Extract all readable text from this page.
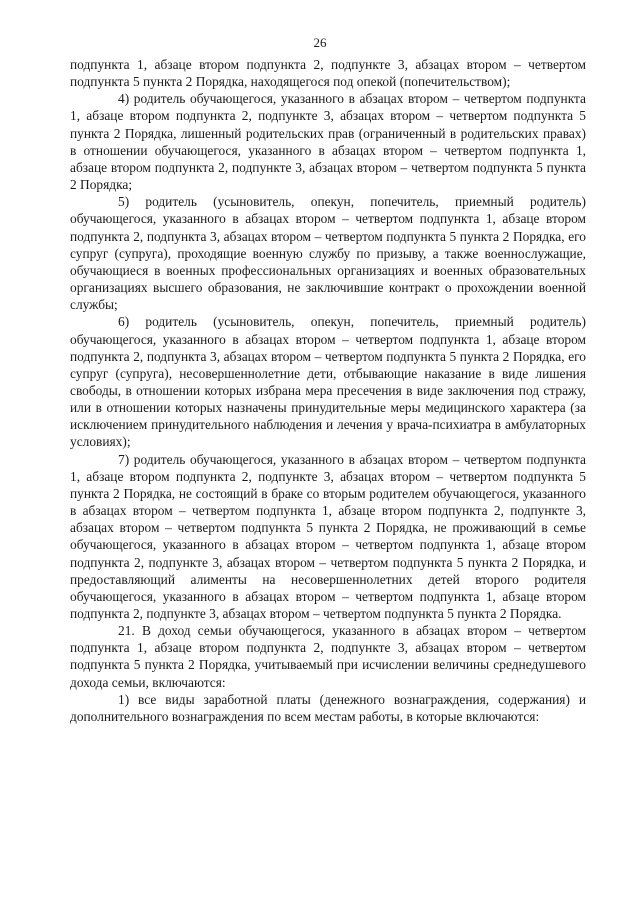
26

подпункта 1, абзаце втором подпункта 2, подпункте 3, абзацах втором – четвертом подпункта 5 пункта 2 Порядка, находящегося под опекой (попечительством);

4) родитель обучающегося, указанного в абзацах втором – четвертом подпункта 1, абзаце втором подпункта 2, подпункте 3, абзацах втором – четвертом подпункта 5 пункта 2 Порядка, лишенный родительских прав (ограниченный в родительских правах) в отношении обучающегося, указанного в абзацах втором – четвертом подпункта 1, абзаце втором подпункта 2, подпункте 3, абзацах втором – четвертом подпункта 5 пункта 2 Порядка;

5) родитель (усыновитель, опекун, попечитель, приемный родитель) обучающегося, указанного в абзацах втором – четвертом подпункта 1, абзаце втором подпункта 2, подпункта 3, абзацах втором – четвертом подпункта 5 пункта 2 Порядка, его супруг (супруга), проходящие военную службу по призыву, а также военнослужащие, обучающиеся в военных профессиональных организациях и военных образовательных организациях высшего образования, не заключившие контракт о прохождении военной службы;

6) родитель (усыновитель, опекун, попечитель, приемный родитель) обучающегося, указанного в абзацах втором – четвертом подпункта 1, абзаце втором подпункта 2, подпункта 3, абзацах втором – четвертом подпункта 5 пункта 2 Порядка, его супруг (супруга), несовершеннолетние дети, отбывающие наказание в виде лишения свободы, в отношении которых избрана мера пресечения в виде заключения под стражу, или в отношении которых назначены принудительные меры медицинского характера (за исключением принудительного наблюдения и лечения у врача-психиатра в амбулаторных условиях);

7) родитель обучающегося, указанного в абзацах втором – четвертом подпункта 1, абзаце втором подпункта 2, подпункте 3, абзацах втором – четвертом подпункта 5 пункта 2 Порядка, не состоящий в браке со вторым родителем обучающегося, указанного в абзацах втором – четвертом подпункта 1, абзаце втором подпункта 2, подпункте 3, абзацах втором – четвертом подпункта 5 пункта 2 Порядка, не проживающий в семье обучающегося, указанного в абзацах втором – четвертом подпункта 1, абзаце втором подпункта 2, подпункте 3, абзацах втором – четвертом подпункта 5 пункта 2 Порядка, и предоставляющий алименты на несовершеннолетних детей второго родителя обучающегося, указанного в абзацах втором – четвертом подпункта 1, абзаце втором подпункта 2, подпункте 3, абзацах втором – четвертом подпункта 5 пункта 2 Порядка.

21. В доход семьи обучающегося, указанного в абзацах втором – четвертом подпункта 1, абзаце втором подпункта 2, подпункте 3, абзацах втором – четвертом подпункта 5 пункта 2 Порядка, учитываемый при исчислении величины среднедушевого дохода семьи, включаются:

1) все виды заработной платы (денежного вознаграждения, содержания) и дополнительного вознаграждения по всем местам работы, в которые включаются:
